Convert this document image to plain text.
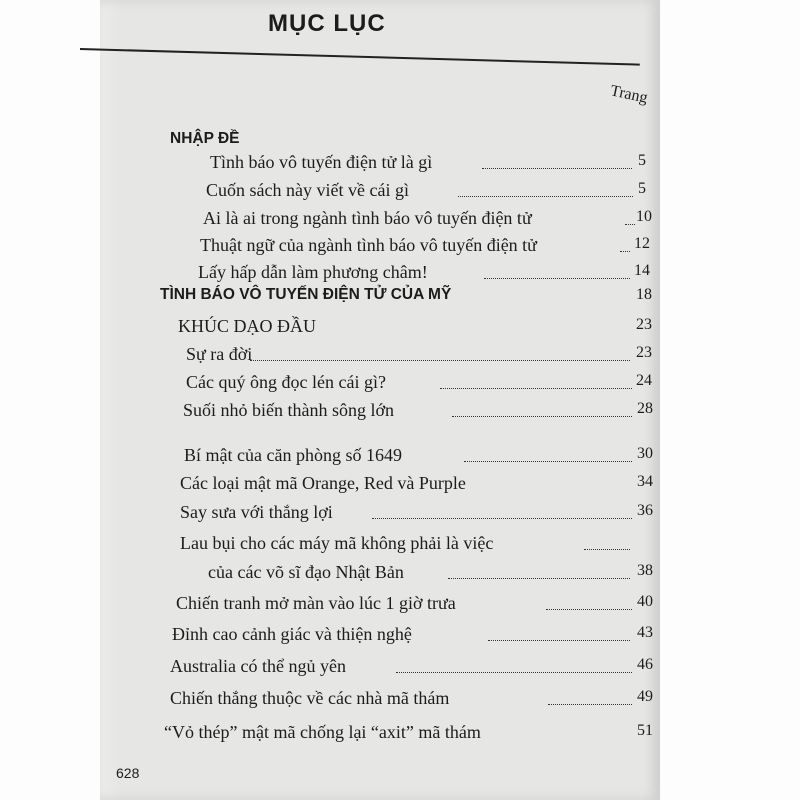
MỤC LỤC
Trang
NHẬP ĐỀ
Tình báo vô tuyến điện tử là gì	5
Cuốn sách này viết về cái gì	5
Ai là ai trong ngành tình báo vô tuyến điện tử	10
Thuật ngữ của ngành tình báo vô tuyến điện tử	12
Lấy hấp dẫn làm phương châm!	14
TÌNH BÁO VÔ TUYẾN ĐIỆN TỬ CỦA MỸ	18
KHÚC DẠO ĐẦU	23
Sự ra đời	23
Các quý ông đọc lén cái gì?	24
Suối nhỏ biến thành sông lớn	28
Bí mật của căn phòng số 1649	30
Các loại mật mã Orange, Red và Purple	34
Say sưa với thắng lợi	36
Lau bụi cho các máy mã không phải là việc
của các võ sĩ đạo Nhật Bản	38
Chiến tranh mở màn vào lúc 1 giờ trưa	40
Đỉnh cao cảnh giác và thiện nghệ	43
Australia có thể ngủ yên	46
Chiến thắng thuộc về các nhà mã thám	49
“Vỏ thép” mật mã chống lại “axit” mã thám	51
628
